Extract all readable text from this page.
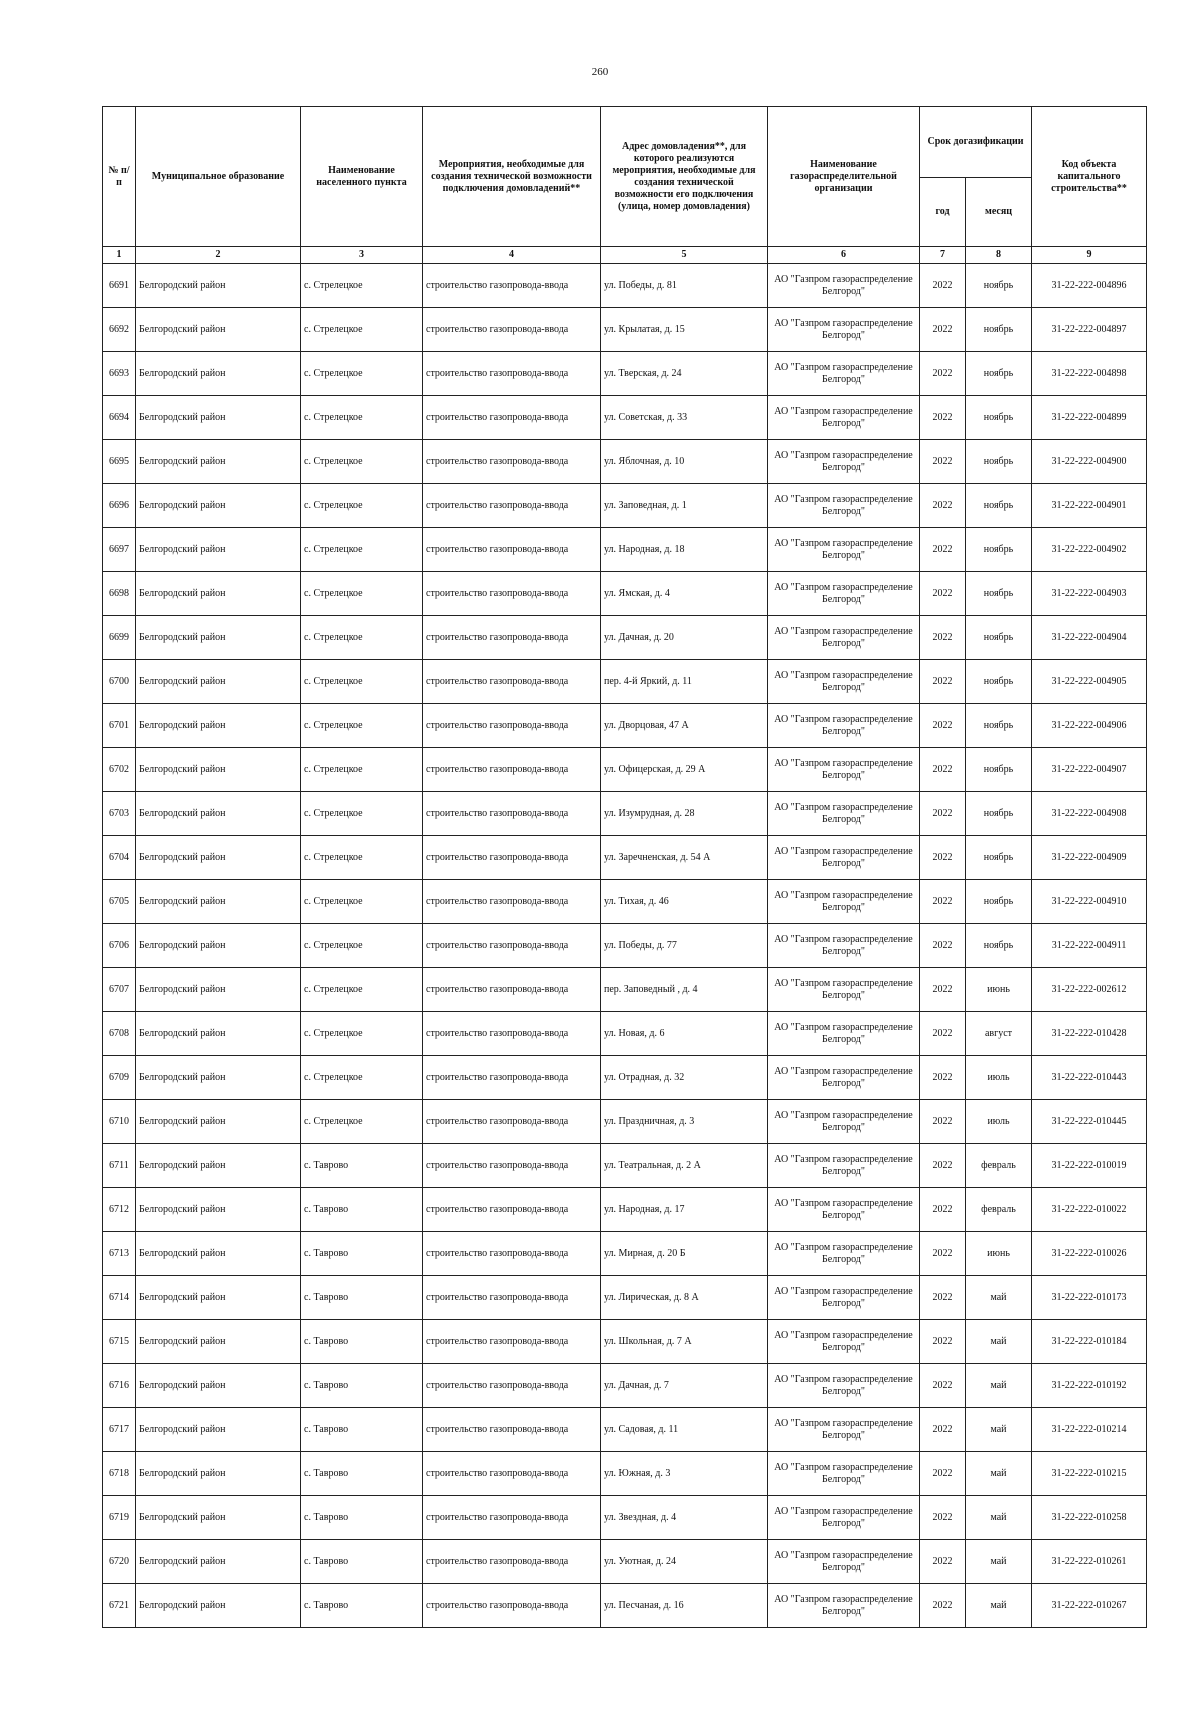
260
№ п/п	Муниципальное образование	Наименование населенного пункта	Мероприятия, необходимые для создания технической возможности подключения домовладений**	Адрес домовладения**, для которого реализуются мероприятия, необходимые для создания технической возможности его подключения (улица, номер домовладения)	Наименование газораспределительной организации	Срок догазификации		Код объекта капитального строительства**
						год	месяц	
1	2	3	4	5	6	7	8	9
6691	Белгородский район	с. Стрелецкое	строительство газопровода-ввода	ул. Победы, д. 81	АО "Газпром газораспределение Белгород"	2022	ноябрь	31-22-222-004896
6692	Белгородский район	с. Стрелецкое	строительство газопровода-ввода	ул. Крылатая, д. 15	АО "Газпром газораспределение Белгород"	2022	ноябрь	31-22-222-004897
6693	Белгородский район	с. Стрелецкое	строительство газопровода-ввода	ул. Тверская, д. 24	АО "Газпром газораспределение Белгород"	2022	ноябрь	31-22-222-004898
6694	Белгородский район	с. Стрелецкое	строительство газопровода-ввода	ул. Советская, д. 33	АО "Газпром газораспределение Белгород"	2022	ноябрь	31-22-222-004899
6695	Белгородский район	с. Стрелецкое	строительство газопровода-ввода	ул. Яблочная, д. 10	АО "Газпром газораспределение Белгород"	2022	ноябрь	31-22-222-004900
6696	Белгородский район	с. Стрелецкое	строительство газопровода-ввода	ул. Заповедная, д. 1	АО "Газпром газораспределение Белгород"	2022	ноябрь	31-22-222-004901
6697	Белгородский район	с. Стрелецкое	строительство газопровода-ввода	ул. Народная, д. 18	АО "Газпром газораспределение Белгород"	2022	ноябрь	31-22-222-004902
6698	Белгородский район	с. Стрелецкое	строительство газопровода-ввода	ул. Ямская, д. 4	АО "Газпром газораспределение Белгород"	2022	ноябрь	31-22-222-004903
6699	Белгородский район	с. Стрелецкое	строительство газопровода-ввода	ул. Дачная, д. 20	АО "Газпром газораспределение Белгород"	2022	ноябрь	31-22-222-004904
6700	Белгородский район	с. Стрелецкое	строительство газопровода-ввода	пер. 4-й Яркий, д. 11	АО "Газпром газораспределение Белгород"	2022	ноябрь	31-22-222-004905
6701	Белгородский район	с. Стрелецкое	строительство газопровода-ввода	ул. Дворцовая, 47 А	АО "Газпром газораспределение Белгород"	2022	ноябрь	31-22-222-004906
6702	Белгородский район	с. Стрелецкое	строительство газопровода-ввода	ул. Офицерская, д. 29 А	АО "Газпром газораспределение Белгород"	2022	ноябрь	31-22-222-004907
6703	Белгородский район	с. Стрелецкое	строительство газопровода-ввода	ул. Изумрудная, д. 28	АО "Газпром газораспределение Белгород"	2022	ноябрь	31-22-222-004908
6704	Белгородский район	с. Стрелецкое	строительство газопровода-ввода	ул. Заречненская, д. 54 А	АО "Газпром газораспределение Белгород"	2022	ноябрь	31-22-222-004909
6705	Белгородский район	с. Стрелецкое	строительство газопровода-ввода	ул. Тихая, д. 46	АО "Газпром газораспределение Белгород"	2022	ноябрь	31-22-222-004910
6706	Белгородский район	с. Стрелецкое	строительство газопровода-ввода	ул. Победы, д. 77	АО "Газпром газораспределение Белгород"	2022	ноябрь	31-22-222-004911
6707	Белгородский район	с. Стрелецкое	строительство газопровода-ввода	пер. Заповедный , д. 4	АО "Газпром газораспределение Белгород"	2022	июнь	31-22-222-002612
6708	Белгородский район	с. Стрелецкое	строительство газопровода-ввода	ул. Новая, д. 6	АО "Газпром газораспределение Белгород"	2022	август	31-22-222-010428
6709	Белгородский район	с. Стрелецкое	строительство газопровода-ввода	ул. Отрадная, д. 32	АО "Газпром газораспределение Белгород"	2022	июль	31-22-222-010443
6710	Белгородский район	с. Стрелецкое	строительство газопровода-ввода	ул. Праздничная, д. 3	АО "Газпром газораспределение Белгород"	2022	июль	31-22-222-010445
6711	Белгородский район	с. Таврово	строительство газопровода-ввода	ул. Театральная, д. 2 А	АО "Газпром газораспределение Белгород"	2022	февраль	31-22-222-010019
6712	Белгородский район	с. Таврово	строительство газопровода-ввода	ул. Народная, д. 17	АО "Газпром газораспределение Белгород"	2022	февраль	31-22-222-010022
6713	Белгородский район	с. Таврово	строительство газопровода-ввода	ул. Мирная, д. 20 Б	АО "Газпром газораспределение Белгород"	2022	июнь	31-22-222-010026
6714	Белгородский район	с. Таврово	строительство газопровода-ввода	ул. Лирическая, д. 8 А	АО "Газпром газораспределение Белгород"	2022	май	31-22-222-010173
6715	Белгородский район	с. Таврово	строительство газопровода-ввода	ул. Школьная, д. 7 А	АО "Газпром газораспределение Белгород"	2022	май	31-22-222-010184
6716	Белгородский район	с. Таврово	строительство газопровода-ввода	ул. Дачная, д. 7	АО "Газпром газораспределение Белгород"	2022	май	31-22-222-010192
6717	Белгородский район	с. Таврово	строительство газопровода-ввода	ул. Садовая, д. 11	АО "Газпром газораспределение Белгород"	2022	май	31-22-222-010214
6718	Белгородский район	с. Таврово	строительство газопровода-ввода	ул. Южная, д. 3	АО "Газпром газораспределение Белгород"	2022	май	31-22-222-010215
6719	Белгородский район	с. Таврово	строительство газопровода-ввода	ул. Звездная, д. 4	АО "Газпром газораспределение Белгород"	2022	май	31-22-222-010258
6720	Белгородский район	с. Таврово	строительство газопровода-ввода	ул. Уютная, д. 24	АО "Газпром газораспределение Белгород"	2022	май	31-22-222-010261
6721	Белгородский район	с. Таврово	строительство газопровода-ввода	ул. Песчаная, д. 16	АО "Газпром газораспределение Белгород"	2022	май	31-22-222-010267
